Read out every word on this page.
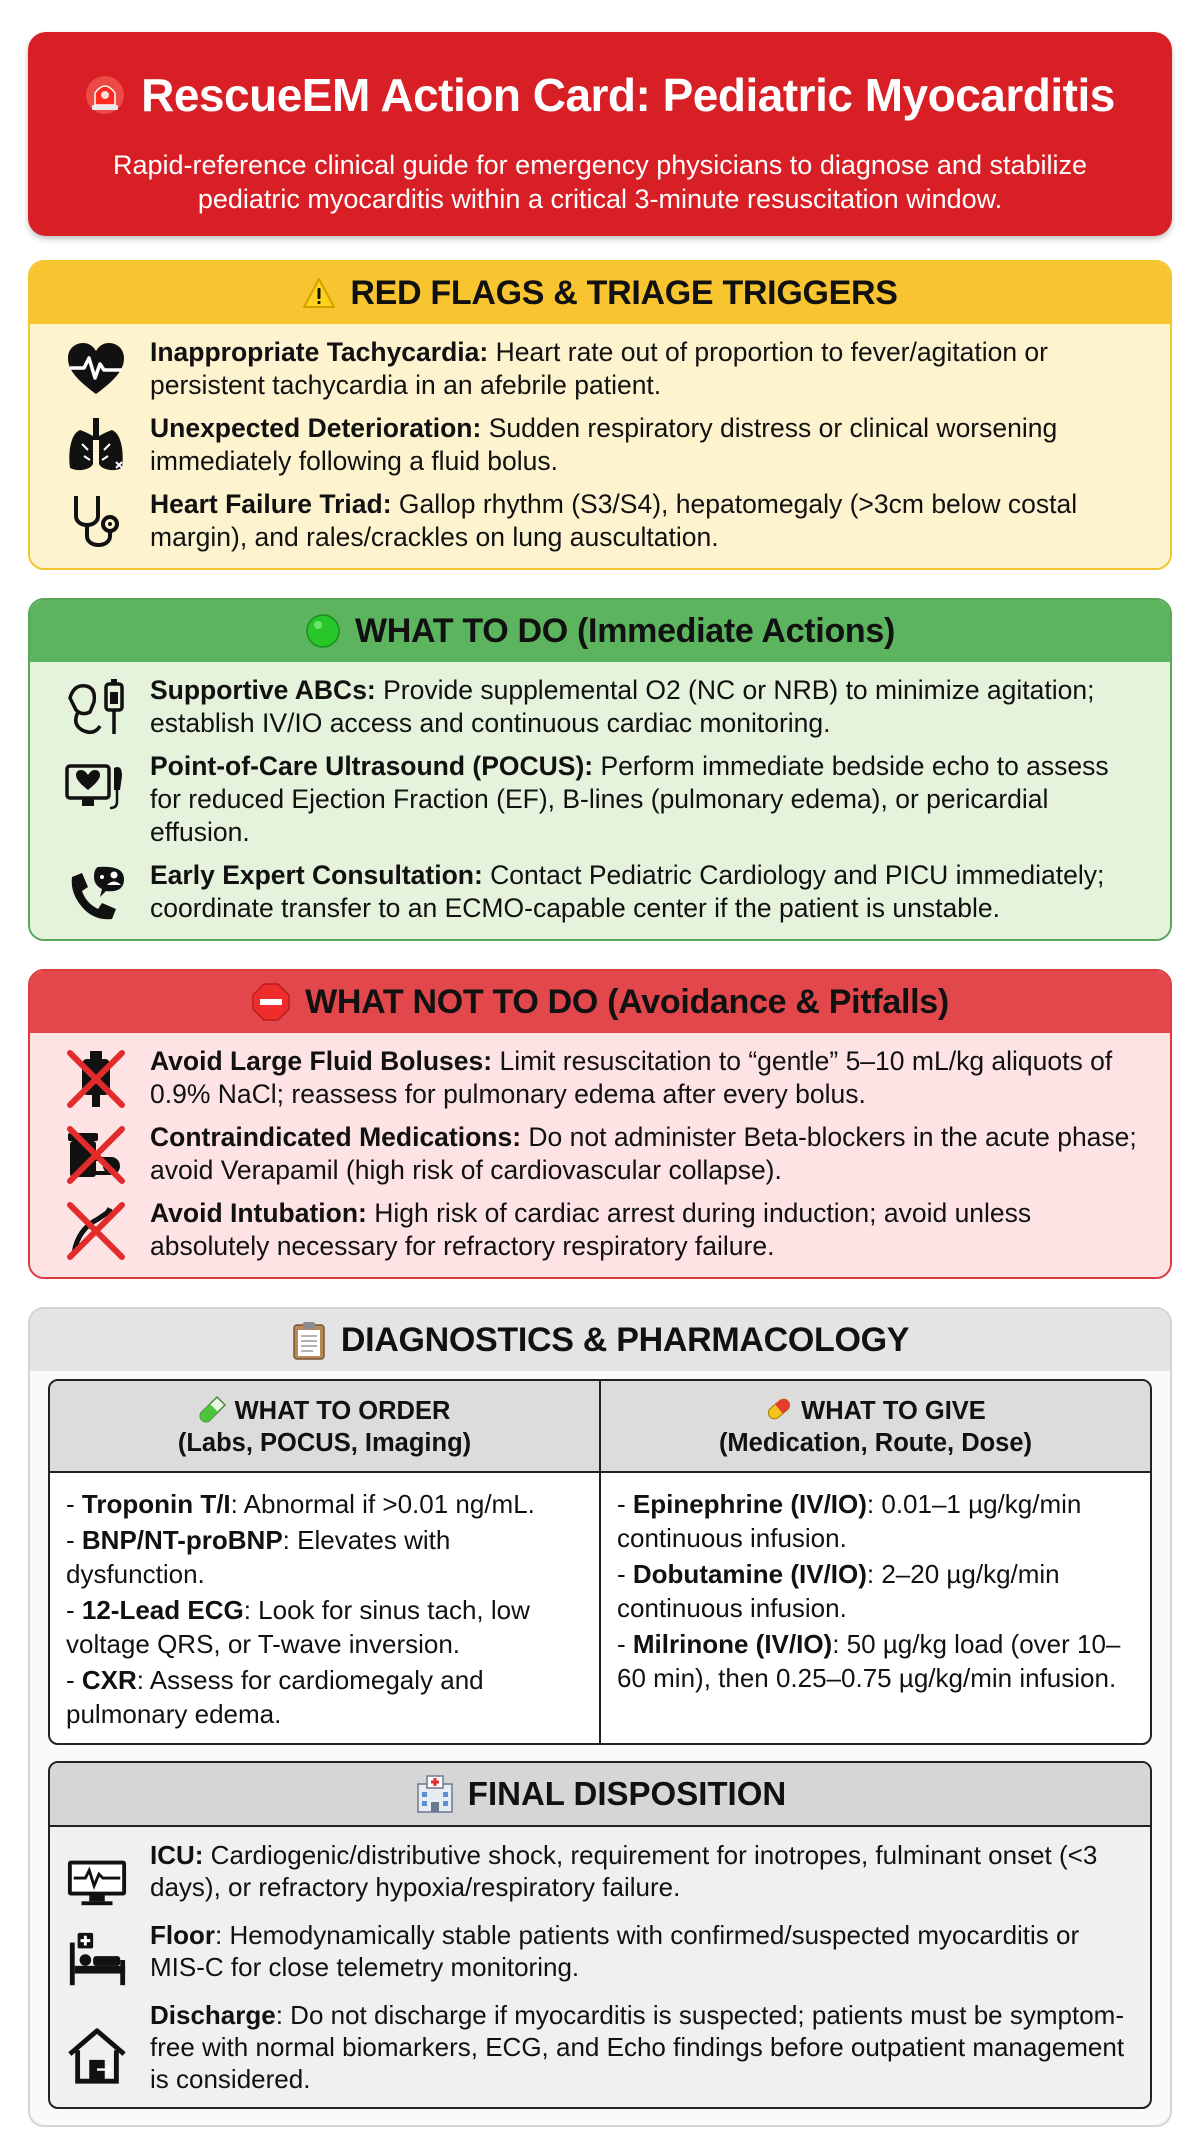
RescueEM Action Card: Pediatric Myocarditis
Rapid-reference clinical guide for emergency physicians to diagnose and stabilize pediatric myocarditis within a critical 3-minute resuscitation window.
RED FLAGS & TRIAGE TRIGGERS
Inappropriate Tachycardia: Heart rate out of proportion to fever/agitation or persistent tachycardia in an afebrile patient.
Unexpected Deterioration: Sudden respiratory distress or clinical worsening immediately following a fluid bolus.
Heart Failure Triad: Gallop rhythm (S3/S4), hepatomegaly (>3cm below costal margin), and rales/crackles on lung auscultation.
WHAT TO DO (Immediate Actions)
Supportive ABCs: Provide supplemental O2 (NC or NRB) to minimize agitation; establish IV/IO access and continuous cardiac monitoring.
Point-of-Care Ultrasound (POCUS): Perform immediate bedside echo to assess for reduced Ejection Fraction (EF), B-lines (pulmonary edema), or pericardial effusion.
Early Expert Consultation: Contact Pediatric Cardiology and PICU immediately; coordinate transfer to an ECMO-capable center if the patient is unstable.
WHAT NOT TO DO (Avoidance & Pitfalls)
Avoid Large Fluid Boluses: Limit resuscitation to “gentle” 5–10 mL/kg aliquots of 0.9% NaCl; reassess for pulmonary edema after every bolus.
Contraindicated Medications: Do not administer Beta-blockers in the acute phase; avoid Verapamil (high risk of cardiovascular collapse).
Avoid Intubation: High risk of cardiac arrest during induction; avoid unless absolutely necessary for refractory respiratory failure.
DIAGNOSTICS & PHARMACOLOGY
WHAT TO ORDER
(Labs, POCUS, Imaging)

- Troponin T/I: Abnormal if >0.01 ng/mL.

- BNP/NT-proBNP: Elevates with dysfunction.

- 12-Lead ECG: Look for sinus tach, low voltage QRS, or T-wave inversion.

- CXR: Assess for cardiomegaly and pulmonary edema.

WHAT TO GIVE
(Medication, Route, Dose)

- Epinephrine (IV/IO): 0.01–1 µg/kg/min continuous infusion.

- Dobutamine (IV/IO): 2–20 µg/kg/min continuous infusion.

- Milrinone (IV/IO): 50 µg/kg load (over 10–60 min), then 0.25–0.75 µg/kg/min infusion.

FINAL DISPOSITION
ICU: Cardiogenic/distributive shock, requirement for inotropes, fulminant onset (<3 days), or refractory hypoxia/respiratory failure.
Floor: Hemodynamically stable patients with confirmed/suspected myocarditis or MIS-C for close telemetry monitoring.
Discharge: Do not discharge if myocarditis is suspected; patients must be symptom-free with normal biomarkers, ECG, and Echo findings before outpatient management is considered.
